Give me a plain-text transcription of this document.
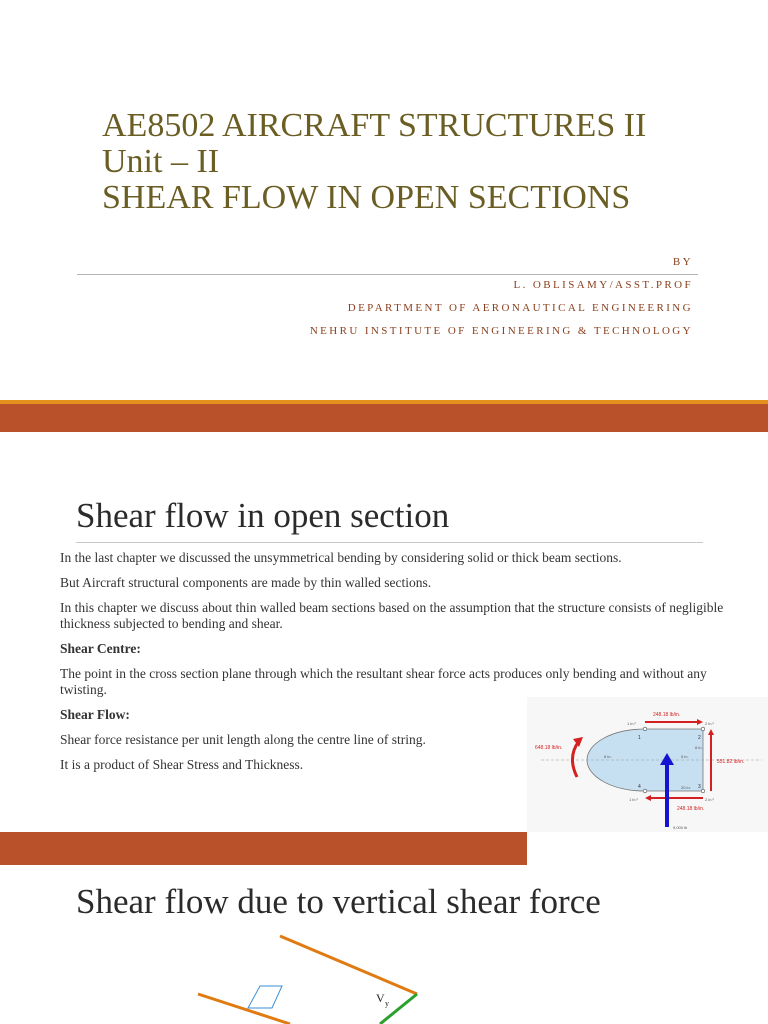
AE8502 AIRCRAFT STRUCTURES II
Unit – II
SHEAR FLOW IN OPEN SECTIONS
BY
L. OBLISAMY/ASST.PROF
DEPARTMENT OF AERONAUTICAL ENGINEERING
NEHRU INSTITUTE OF ENGINEERING & TECHNOLOGY
Shear flow in open section

In the last chapter we discussed the unsymmetrical bending by considering solid or thick beam sections.

But Aircraft structural components are made by thin walled sections.

In this chapter we discuss about thin walled beam sections based on the assumption that the structure consists of negligible thickness subjected to bending and shear.

Shear Centre:

The point in the cross section plane through which the resultant shear force acts produces only bending and without any twisting.

Shear Flow:

Shear force resistance per unit length along the centre line of string.

It is a product of Shear Stress and Thickness.

248.18 lb/in.
248.18 lb/in.
551.82 lb/in.
648.18 lb/in.
9,000 lb
1	2
3
4
1 in.²	2 in.²
2 in.²
1 in.²
8 in.
6 in.	5 in.
20 in.
Shear flow due to vertical shear force
V y
